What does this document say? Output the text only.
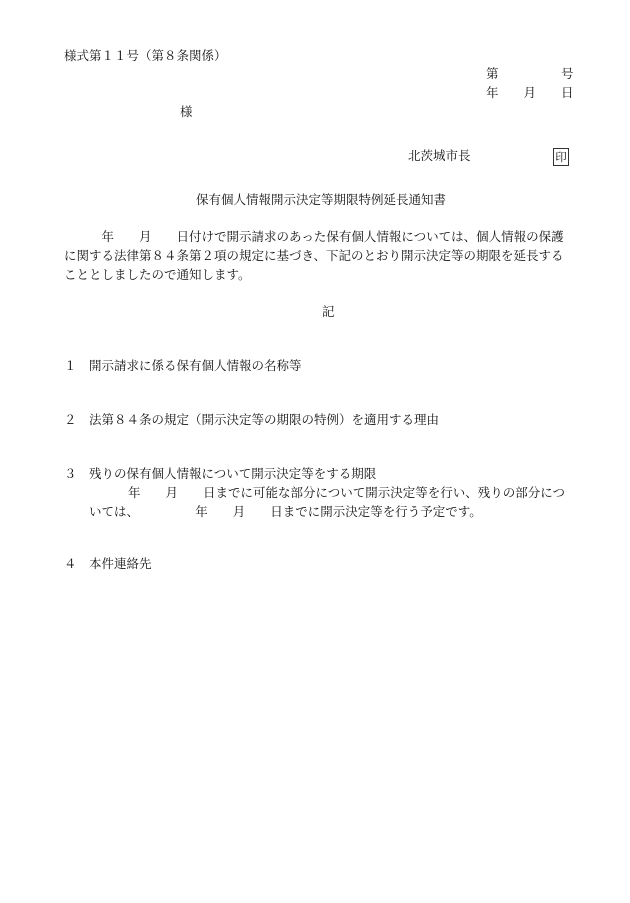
様式第１１号（第８条関係）
第　　　　　号
年　　月　　日
様
北茨城市長	印
保有個人情報開示決定等期限特例延長通知書
　　　年　　月　　日付けで開示請求のあった保有個人情報については、個人情報の保護
に関する法律第８４条第２項の規定に基づき、下記のとおり開示決定等の期限を延長する
こととしましたので通知します。
記
１ 開示請求に係る保有個人情報の名称等
２ 法第８４条の規定（開示決定等の期限の特例）を適用する理由
３ 残りの保有個人情報について開示決定等をする期限
年　　月　　日までに可能な部分について開示決定等を行い、残りの部分につ
いては、　　　　　年　　月　　日までに開示決定等を行う予定です。
４ 本件連絡先
